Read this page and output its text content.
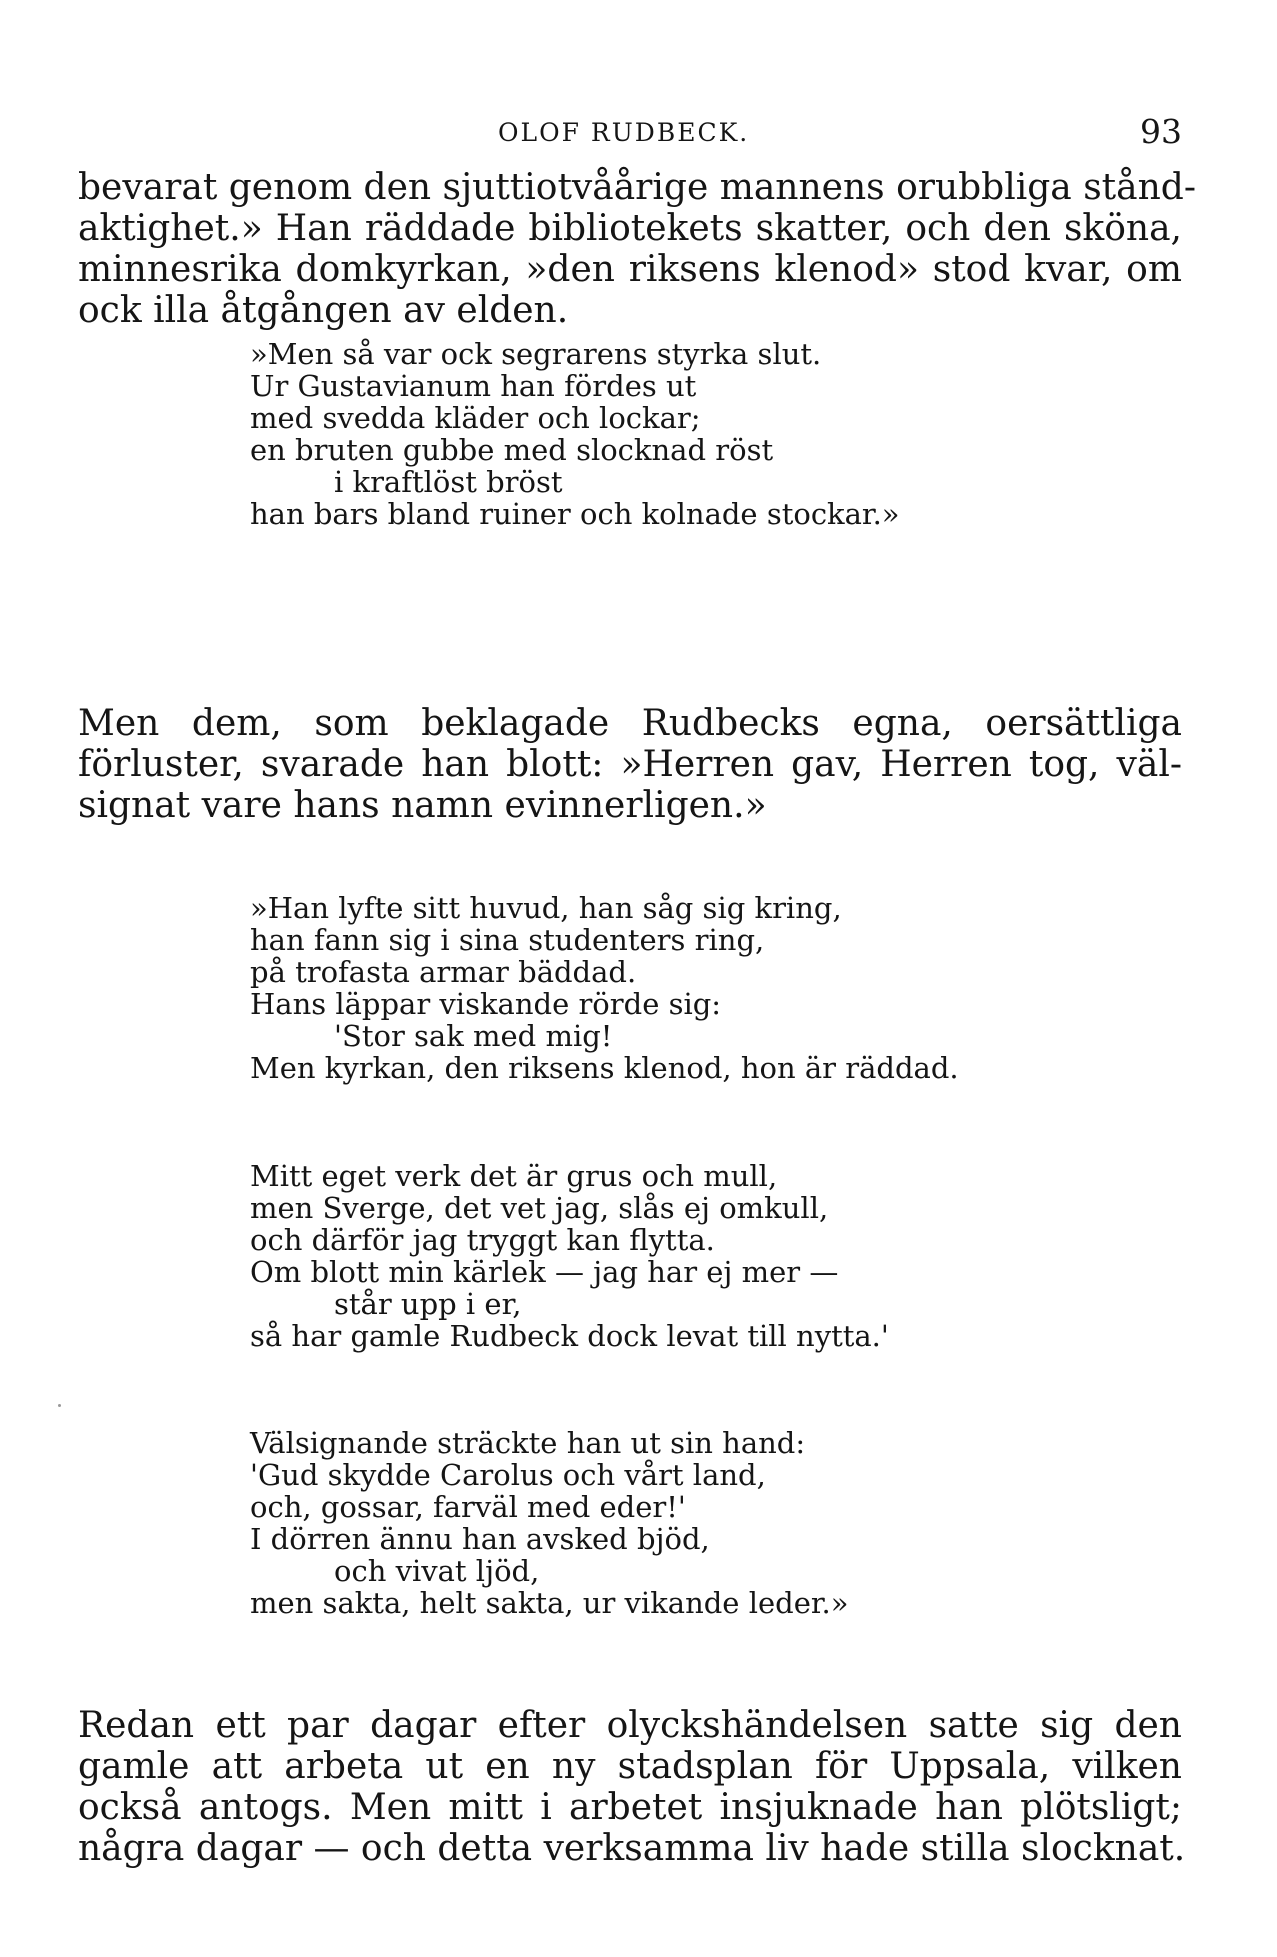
OLOF RUDBECK.	93

bevarat genom den sjuttiotvåårige mannens orubbliga stånd-
aktighet.» Han räddade bibliotekets skatter, och den sköna,
minnesrika domkyrkan, »den riksens klenod» stod kvar, om
ock illa åtgången av elden.

»Men så var ock segrarens styrka slut.
Ur Gustavianum han fördes ut
med svedda kläder och lockar;
en bruten gubbe med slocknad röst
i kraftlöst bröst
han bars bland ruiner och kolnade stockar.»

Men dem, som beklagade Rudbecks egna, oersättliga
förluster, svarade han blott: »Herren gav, Herren tog, väl-
signat vare hans namn evinnerligen.»

»Han lyfte sitt huvud, han såg sig kring,
han fann sig i sina studenters ring,
på trofasta armar bäddad.
Hans läppar viskande rörde sig:
'Stor sak med mig!
Men kyrkan, den riksens klenod, hon är räddad.
Mitt eget verk det är grus och mull,
men Sverge, det vet jag, slås ej omkull,
och därför jag tryggt kan flytta.
Om blott min kärlek — jag har ej mer —
står upp i er,
så har gamle Rudbeck dock levat till nytta.'
Välsignande sträckte han ut sin hand:
'Gud skydde Carolus och vårt land,
och, gossar, farväl med eder!'
I dörren ännu han avsked bjöd,
och vivat ljöd,
men sakta, helt sakta, ur vikande leder.»

Redan ett par dagar efter olyckshändelsen satte sig den
gamle att arbeta ut en ny stadsplan för Uppsala, vilken
också antogs. Men mitt i arbetet insjuknade han plötsligt;
några dagar — och detta verksamma liv hade stilla slocknat.
